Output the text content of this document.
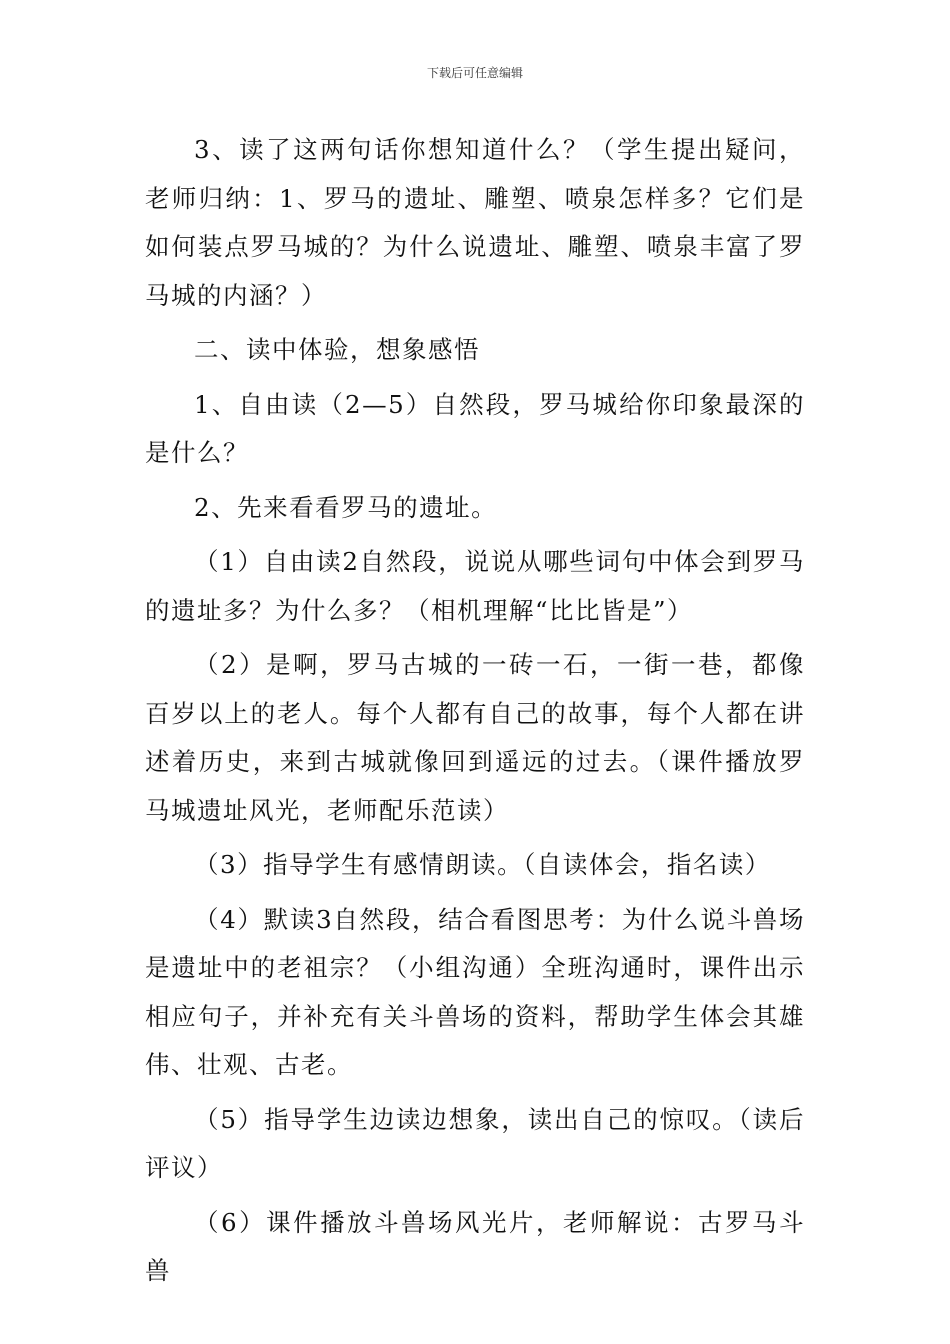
下载后可任意编辑

3、读了这两句话你想知道什么？（学生提出疑问，老师归纳：1、罗马的遗址、雕塑、喷泉怎样多？它们是如何装点罗马城的？为什么说遗址、雕塑、喷泉丰富了罗马城的内涵？）

二、读中体验，想象感悟

1、自由读（2—5）自然段，罗马城给你印象最深的是什么？

2、先来看看罗马的遗址。

（1）自由读2自然段，说说从哪些词句中体会到罗马的遗址多？为什么多？（相机理解“比比皆是”）

（2）是啊，罗马古城的一砖一石，一街一巷，都像百岁以上的老人。每个人都有自己的故事，每个人都在讲述着历史，来到古城就像回到遥远的过去。（课件播放罗马城遗址风光，老师配乐范读）

（3）指导学生有感情朗读。（自读体会，指名读）

（4）默读3自然段，结合看图思考：为什么说斗兽场是遗址中的老祖宗？（小组沟通）全班沟通时，课件出示相应句子，并补充有关斗兽场的资料，帮助学生体会其雄伟、壮观、古老。

（5）指导学生边读边想象，读出自己的惊叹。（读后评议）

（6）课件播放斗兽场风光片，老师解说：古罗马斗兽
